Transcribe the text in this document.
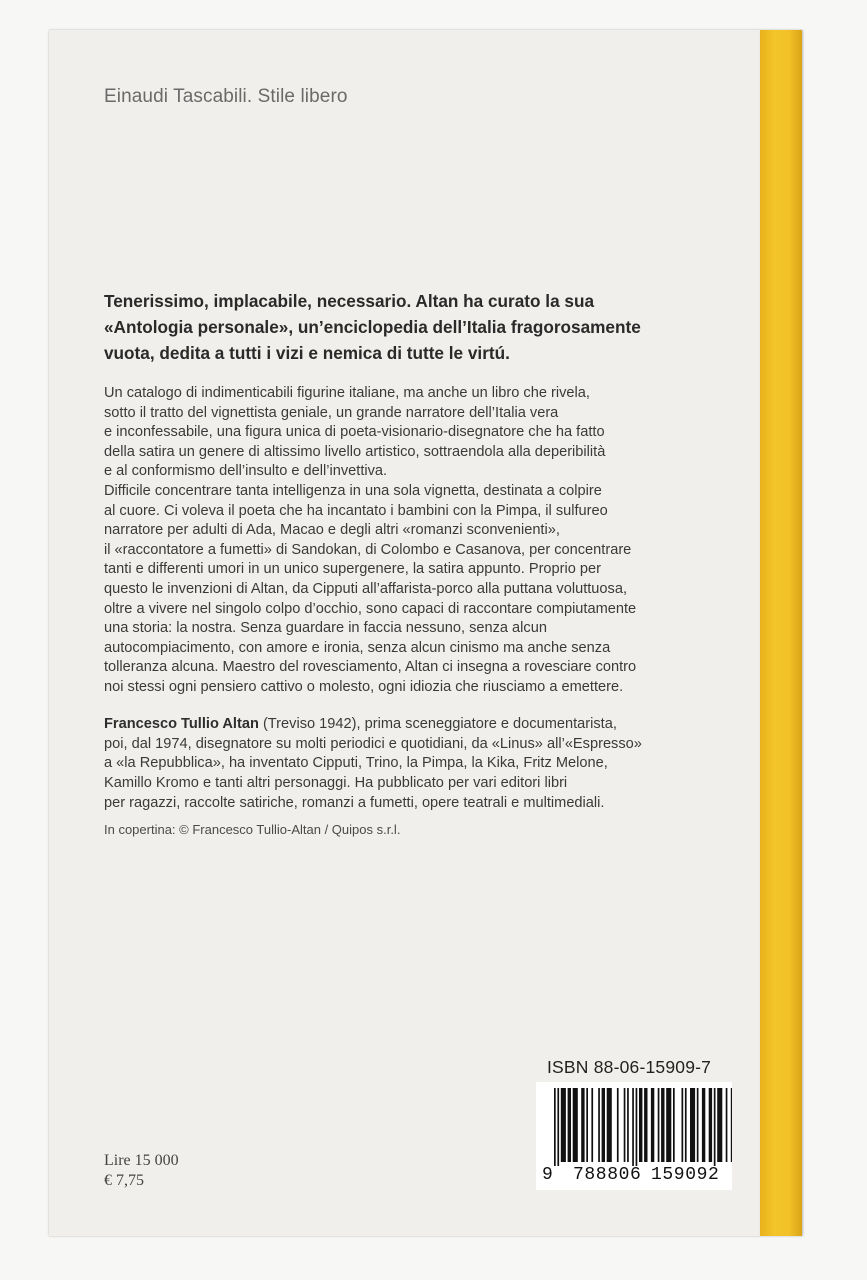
Einaudi Tascabili. Stile libero
Tenerissimo, implacabile, necessario. Altan ha curato la sua
«Antologia personale», un’enciclopedia dell’Italia fragorosamente
vuota, dedita a tutti i vizi e nemica di tutte le virtú.
Un catalogo di indimenticabili figurine italiane, ma anche un libro che rivela,
sotto il tratto del vignettista geniale, un grande narratore dell’Italia vera
e inconfessabile, una figura unica di poeta-visionario-disegnatore che ha fatto
della satira un genere di altissimo livello artistico, sottraendola alla deperibilità
e al conformismo dell’insulto e dell’invettiva.
Difficile concentrare tanta intelligenza in una sola vignetta, destinata a colpire
al cuore. Ci voleva il poeta che ha incantato i bambini con la Pimpa, il sulfureo
narratore per adulti di Ada, Macao e degli altri «romanzi sconvenienti»,
il «raccontatore a fumetti» di Sandokan, di Colombo e Casanova, per concentrare
tanti e differenti umori in un unico supergenere, la satira appunto. Proprio per
questo le invenzioni di Altan, da Cipputi all’affarista-porco alla puttana voluttuosa,
oltre a vivere nel singolo colpo d’occhio, sono capaci di raccontare compiutamente
una storia: la nostra. Senza guardare in faccia nessuno, senza alcun
autocompiacimento, con amore e ironia, senza alcun cinismo ma anche senza
tolleranza alcuna. Maestro del rovesciamento, Altan ci insegna a rovesciare contro
noi stessi ogni pensiero cattivo o molesto, ogni idiozia che riusciamo a emettere.
Francesco Tullio Altan (Treviso 1942), prima sceneggiatore e documentarista,
poi, dal 1974, disegnatore su molti periodici e quotidiani, da «Linus» all’«Espresso»
a «la Repubblica», ha inventato Cipputi, Trino, la Pimpa, la Kika, Fritz Melone,
Kamillo Kromo e tanti altri personaggi. Ha pubblicato per vari editori libri
per ragazzi, raccolte satiriche, romanzi a fumetti, opere teatrali e multimediali.
In copertina: © Francesco Tullio-Altan / Quipos s.r.l.
ISBN 88-06-15909-7
9 788806 159092
Lire 15 000
€ 7,75
